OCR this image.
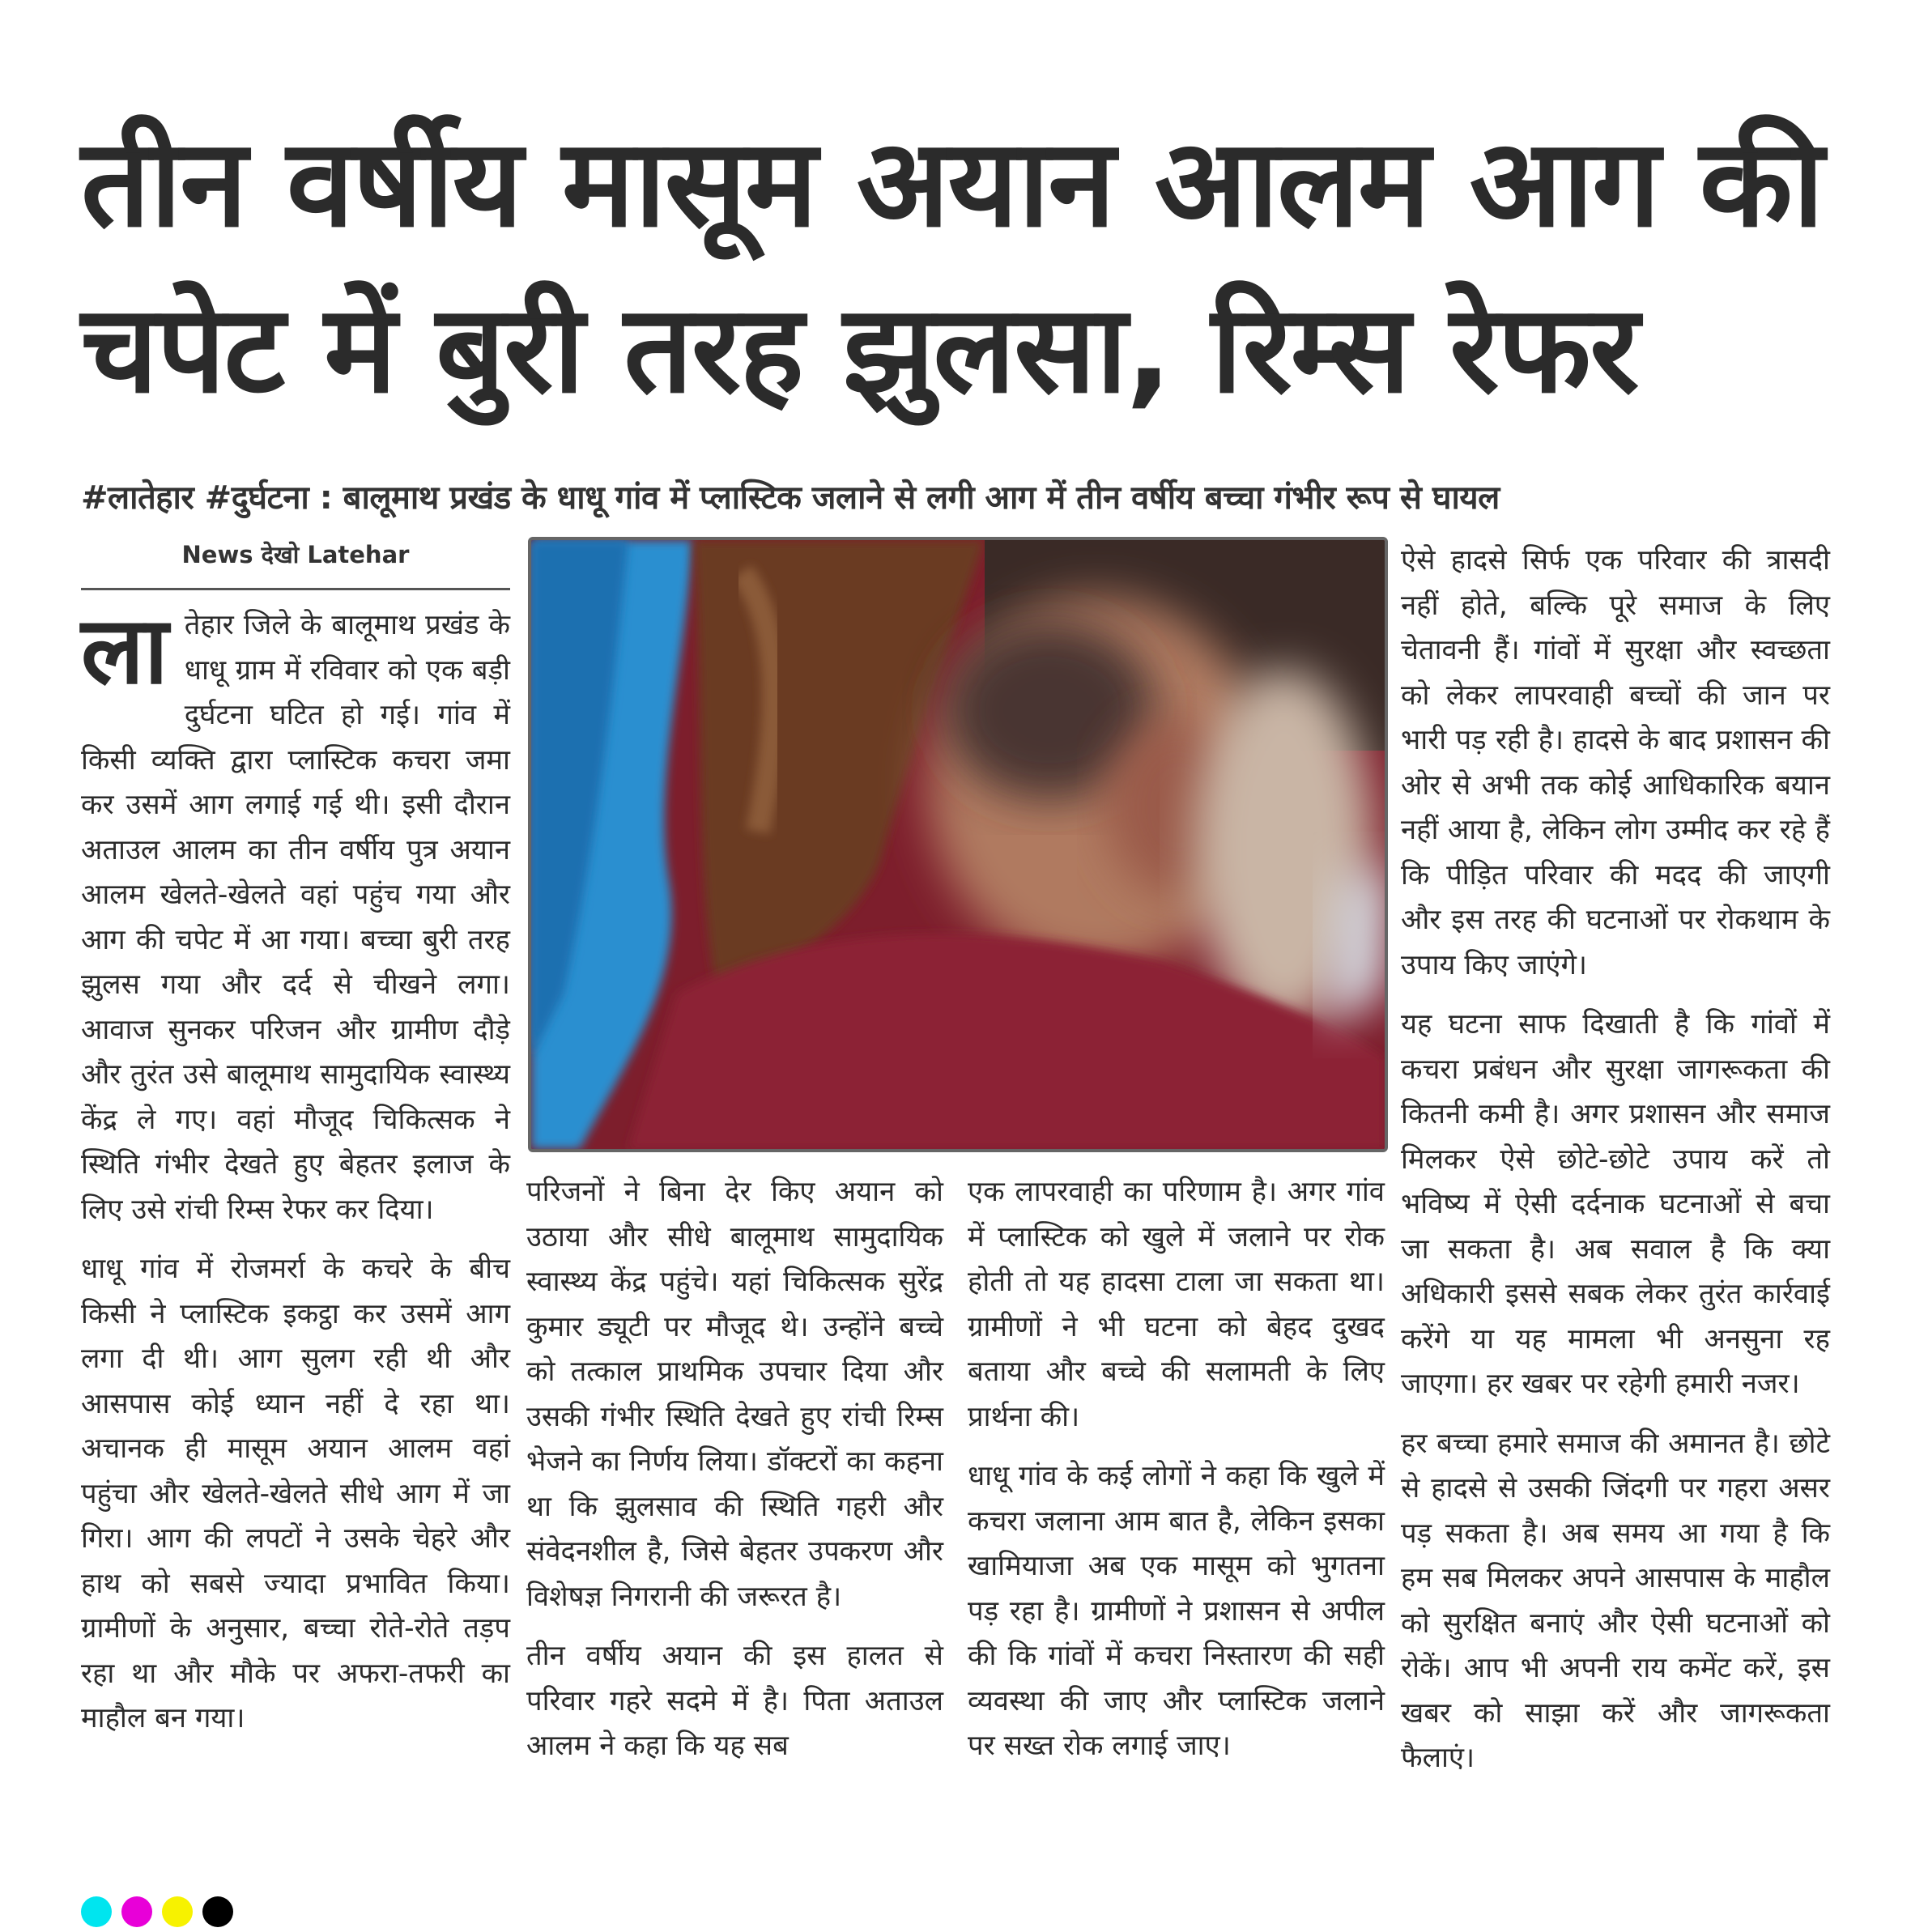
तीन वर्षीय मासूम अयान आलम आग की चपेट में बुरी तरह झुलसा, रिम्स रेफर

#लातेहार #दुर्घटना : बालूमाथ प्रखंड के धाधू गांव में प्लास्टिक जलाने से लगी आग में तीन वर्षीय बच्चा गंभीर रूप से घायल

News देखो Latehar

लातेहार जिले के बालूमाथ प्रखंड के धाधू ग्राम में रविवार को एक बड़ी दुर्घटना घटित हो गई। गांव में किसी व्यक्ति द्वारा प्लास्टिक कचरा जमा कर उसमें आग लगाई गई थी। इसी दौरान अताउल आलम का तीन वर्षीय पुत्र अयान आलम खेलते-खेलते वहां पहुंच गया और आग की चपेट में आ गया। बच्चा बुरी तरह झुलस गया और दर्द से चीखने लगा। आवाज सुनकर परिजन और ग्रामीण दौड़े और तुरंत उसे बालूमाथ सामुदायिक स्वास्थ्य केंद्र ले गए। वहां मौजूद चिकित्सक ने स्थिति गंभीर देखते हुए बेहतर इलाज के लिए उसे रांची रिम्स रेफर कर दिया।

धाधू गांव में रोजमर्रा के कचरे के बीच किसी ने प्लास्टिक इकट्ठा कर उसमें आग लगा दी थी। आग सुलग रही थी और आसपास कोई ध्यान नहीं दे रहा था। अचानक ही मासूम अयान आलम वहां पहुंचा और खेलते-खेलते सीधे आग में जा गिरा। आग की लपटों ने उसके चेहरे और हाथ को सबसे ज्यादा प्रभावित किया। ग्रामीणों के अनुसार, बच्चा रोते-रोते तड़प रहा था और मौके पर अफरा-तफरी का माहौल बन गया।

परिजनों ने बिना देर किए अयान को उठाया और सीधे बालूमाथ सामुदायिक स्वास्थ्य केंद्र पहुंचे। यहां चिकित्सक सुरेंद्र कुमार ड्यूटी पर मौजूद थे। उन्होंने बच्चे को तत्काल प्राथमिक उपचार दिया और उसकी गंभीर स्थिति देखते हुए रांची रिम्स भेजने का निर्णय लिया। डॉक्टरों का कहना था कि झुलसाव की स्थिति गहरी और संवेदनशील है, जिसे बेहतर उपकरण और विशेषज्ञ निगरानी की जरूरत है।

तीन वर्षीय अयान की इस हालत से परिवार गहरे सदमे में है। पिता अताउल आलम ने कहा कि यह सब

एक लापरवाही का परिणाम है। अगर गांव में प्लास्टिक को खुले में जलाने पर रोक होती तो यह हादसा टाला जा सकता था। ग्रामीणों ने भी घटना को बेहद दुखद बताया और बच्चे की सलामती के लिए प्रार्थना की।

धाधू गांव के कई लोगों ने कहा कि खुले में कचरा जलाना आम बात है, लेकिन इसका खामियाजा अब एक मासूम को भुगतना पड़ रहा है। ग्रामीणों ने प्रशासन से अपील की कि गांवों में कचरा निस्तारण की सही व्यवस्था की जाए और प्लास्टिक जलाने पर सख्त रोक लगाई जाए।

ऐसे हादसे सिर्फ एक परिवार की त्रासदी नहीं होते, बल्कि पूरे समाज के लिए चेतावनी हैं। गांवों में सुरक्षा और स्वच्छता को लेकर लापरवाही बच्चों की जान पर भारी पड़ रही है। हादसे के बाद प्रशासन की ओर से अभी तक कोई आधिकारिक बयान नहीं आया है, लेकिन लोग उम्मीद कर रहे हैं कि पीड़ित परिवार की मदद की जाएगी और इस तरह की घटनाओं पर रोकथाम के उपाय किए जाएंगे।

यह घटना साफ दिखाती है कि गांवों में कचरा प्रबंधन और सुरक्षा जागरूकता की कितनी कमी है। अगर प्रशासन और समाज मिलकर ऐसे छोटे-छोटे उपाय करें तो भविष्य में ऐसी दर्दनाक घटनाओं से बचा जा सकता है। अब सवाल है कि क्या अधिकारी इससे सबक लेकर तुरंत कार्रवाई करेंगे या यह मामला भी अनसुना रह जाएगा। हर खबर पर रहेगी हमारी नजर।

हर बच्चा हमारे समाज की अमानत है। छोटे से हादसे से उसकी जिंदगी पर गहरा असर पड़ सकता है। अब समय आ गया है कि हम सब मिलकर अपने आसपास के माहौल को सुरक्षित बनाएं और ऐसी घटनाओं को रोकें। आप भी अपनी राय कमेंट करें, इस खबर को साझा करें और जागरूकता फैलाएं।
